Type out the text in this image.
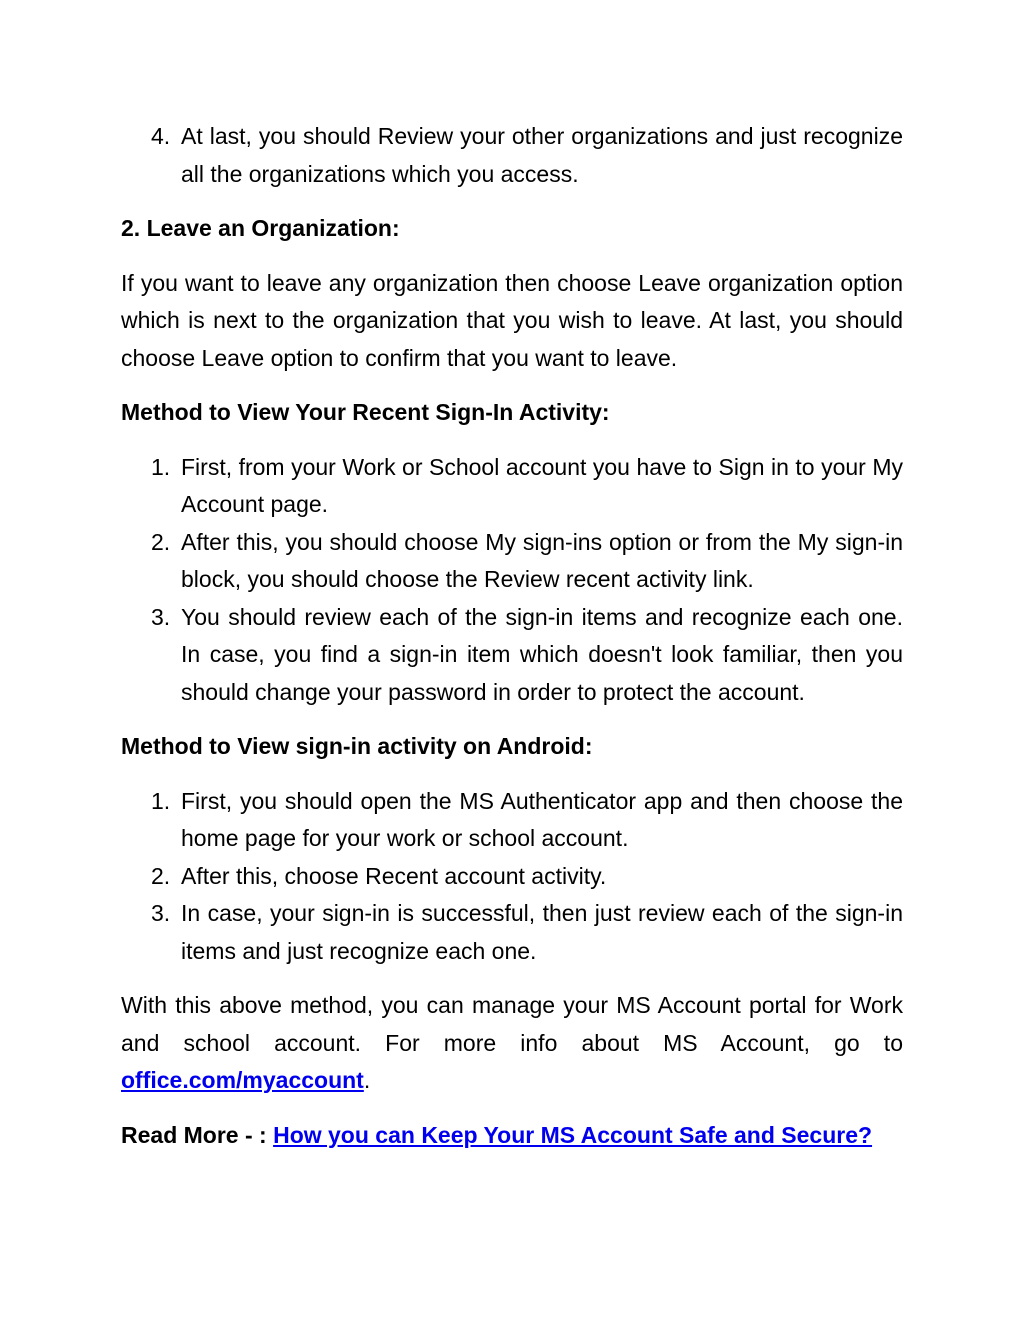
4. At last, you should Review your other organizations and just recognize all the organizations which you access.

2. Leave an Organization:

If you want to leave any organization then choose Leave organization option which is next to the organization that you wish to leave. At last, you should choose Leave option to confirm that you want to leave.

Method to View Your Recent Sign-In Activity:

1. First, from your Work or School account you have to Sign in to your My Account page.
2. After this, you should choose My sign-ins option or from the My sign-in block, you should choose the Review recent activity link.
3. You should review each of the sign-in items and recognize each one. In case, you find a sign-in item which doesn't look familiar, then you should change your password in order to protect the account.

Method to View sign-in activity on Android:

1. First, you should open the MS Authenticator app and then choose the home page for your work or school account.
2. After this, choose Recent account activity.
3. In case, your sign-in is successful, then just review each of the sign-in items and just recognize each one.

With this above method, you can manage your MS Account portal for Work and school account. For more info about MS Account, go to office.com/myaccount.

Read More - : How you can Keep Your MS Account Safe and Secure?
